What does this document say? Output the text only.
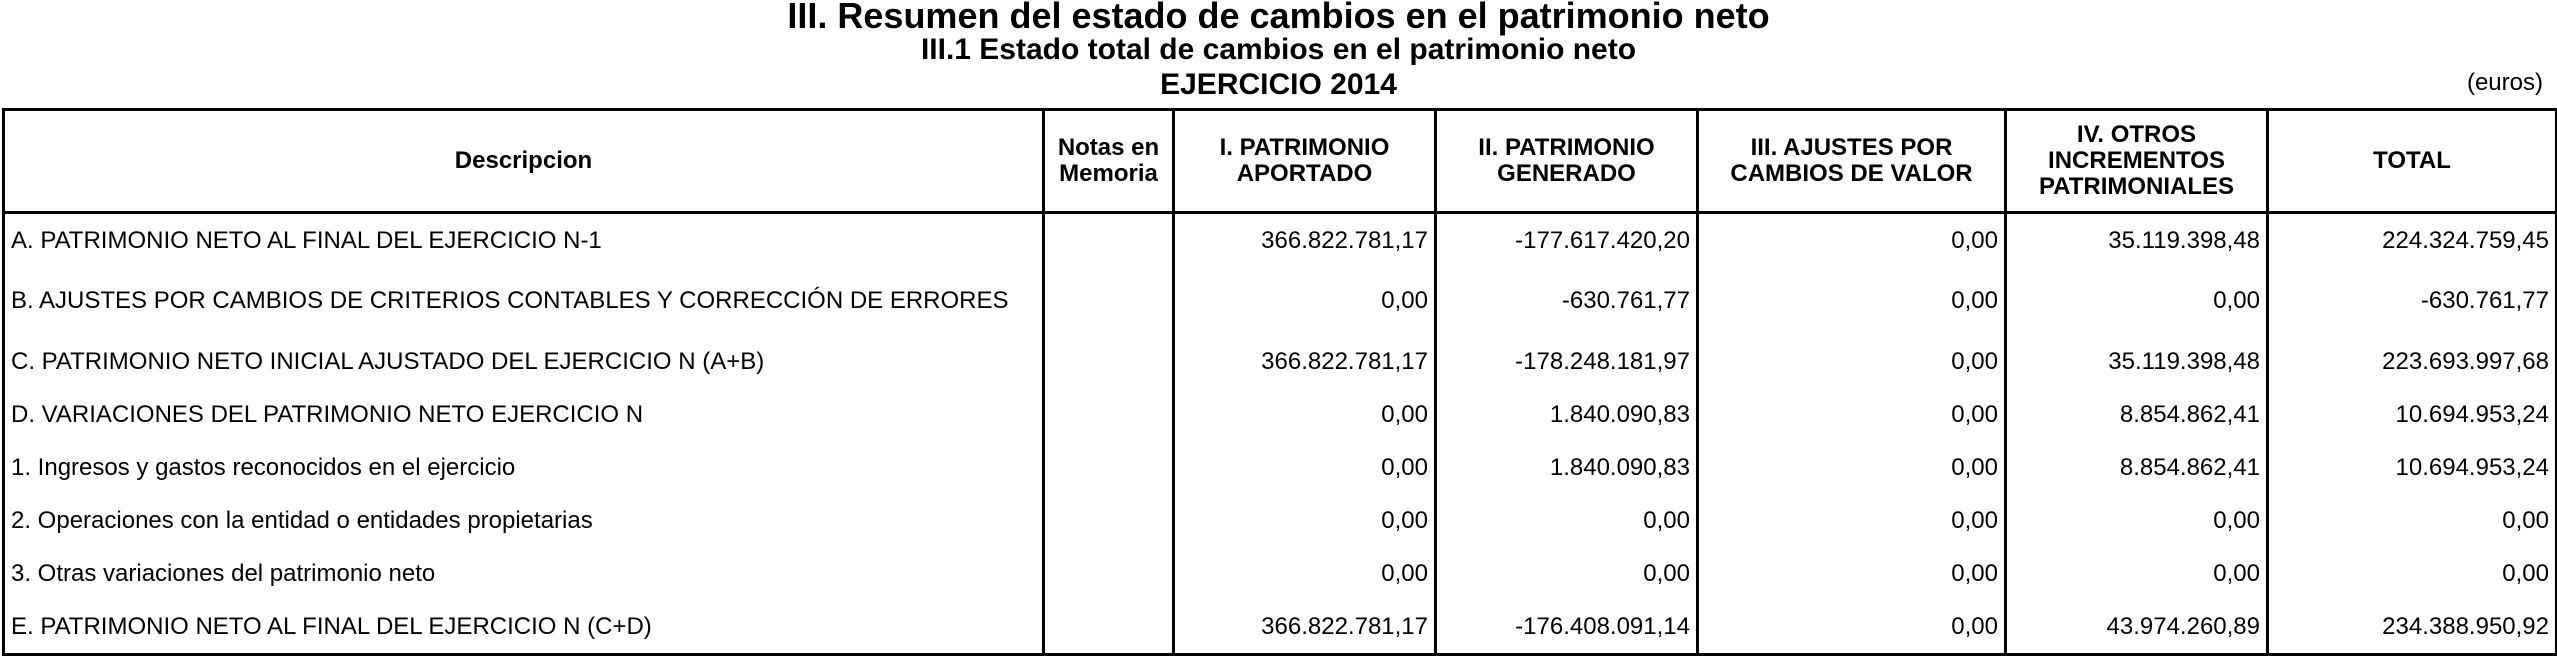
III. Resumen del estado de cambios en el patrimonio neto
III.1 Estado total de cambios en el patrimonio neto
EJERCICIO 2014	(euros)
Descripcion	Notas en Memoria	I. PATRIMONIO APORTADO	II. PATRIMONIO GENERADO	III. AJUSTES POR CAMBIOS DE VALOR	IV. OTROS INCREMENTOS PATRIMONIALES	TOTAL
A. PATRIMONIO NETO AL FINAL DEL EJERCICIO N-1		366.822.781,17	-177.617.420,20	0,00	35.119.398,48	224.324.759,45
B. AJUSTES POR CAMBIOS DE CRITERIOS CONTABLES Y CORRECCIÓN DE ERRORES		0,00	-630.761,77	0,00	0,00	-630.761,77
C. PATRIMONIO NETO INICIAL AJUSTADO DEL EJERCICIO N (A+B)		366.822.781,17	-178.248.181,97	0,00	35.119.398,48	223.693.997,68
D. VARIACIONES DEL PATRIMONIO NETO EJERCICIO N		0,00	1.840.090,83	0,00	8.854.862,41	10.694.953,24
1. Ingresos y gastos reconocidos en el ejercicio		0,00	1.840.090,83	0,00	8.854.862,41	10.694.953,24
2. Operaciones con la entidad o entidades propietarias		0,00	0,00	0,00	0,00	0,00
3. Otras variaciones del patrimonio neto		0,00	0,00	0,00	0,00	0,00
E. PATRIMONIO NETO AL FINAL DEL EJERCICIO N (C+D)		366.822.781,17	-176.408.091,14	0,00	43.974.260,89	234.388.950,92
